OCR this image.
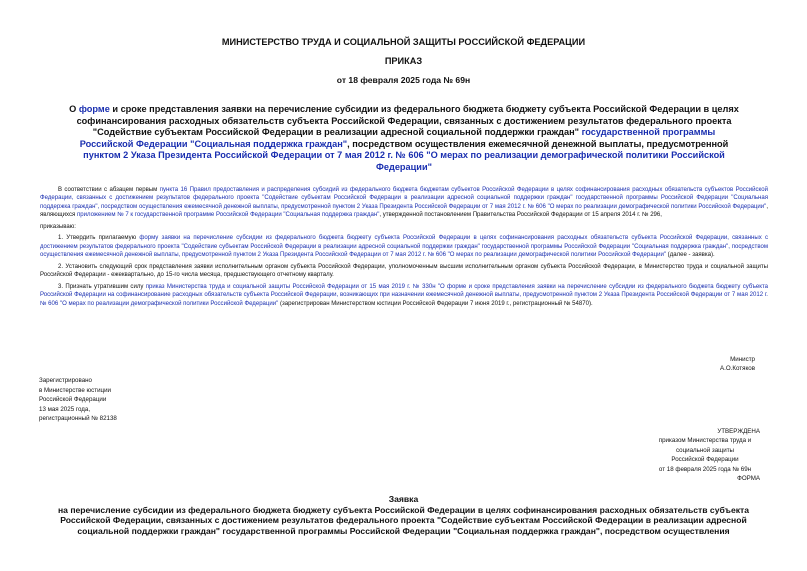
МИНИСТЕРСТВО ТРУДА И СОЦИАЛЬНОЙ ЗАЩИТЫ РОССИЙСКОЙ ФЕДЕРАЦИИ
ПРИКАЗ
от 18 февраля 2025 года № 69н
О форме и сроке представления заявки на перечисление субсидии из федерального бюджета бюджету субъекта Российской Федерации в целях софинансирования расходных обязательств субъекта Российской Федерации, связанных с достижением результатов федерального проекта "Содействие субъектам Российской Федерации в реализации адресной социальной поддержки граждан" государственной программы Российской Федерации "Социальная поддержка граждан", посредством осуществления ежемесячной денежной выплаты, предусмотренной пунктом 2 Указа Президента Российской Федерации от 7 мая 2012 г. № 606 "О мерах по реализации демографической политики Российской Федерации"

В соответствии с абзацем первым пункта 16 Правил предоставления и распределения субсидий из федерального бюджета бюджетам субъектов Российской Федерации в целях софинансирования расходных обязательств субъектов Российской Федерации, связанных с достижением результатов федерального проекта "Содействие субъектам Российской Федерации в реализации адресной социальной поддержки граждан" государственной программы Российской Федерации "Социальная поддержка граждан", посредством осуществления ежемесячной денежной выплаты, предусмотренной пунктом 2 Указа Президента Российской Федерации от 7 мая 2012 г. № 606 "О мерах по реализации демографической политики Российской Федерации", являющихся приложением № 7 к государственной программе Российской Федерации "Социальная поддержка граждан", утвержденной постановлением Правительства Российской Федерации от 15 апреля 2014 г. № 296,

приказываю:

1. Утвердить прилагаемую форму заявки на перечисление субсидии из федерального бюджета бюджету субъекта Российской Федерации в целях софинансирования расходных обязательств субъекта Российской Федерации, связанных с достижением результатов федерального проекта "Содействие субъектам Российской Федерации в реализации адресной социальной поддержки граждан" государственной программы Российской Федерации "Социальная поддержка граждан", посредством осуществления ежемесячной денежной выплаты, предусмотренной пунктом 2 Указа Президента Российской Федерации от 7 мая 2012 г. № 606 "О мерах по реализации демографической политики Российской Федерации" (далее - заявка).

2. Установить следующий срок представления заявки исполнительным органом субъекта Российской Федерации, уполномоченным высшим исполнительным органом субъекта Российской Федерации, в Министерство труда и социальной защиты Российской Федерации - ежеквартально, до 15-го числа месяца, предшествующего отчетному кварталу.

3. Признать утратившим силу приказ Министерства труда и социальной защиты Российской Федерации от 15 мая 2019 г. № 330н "О форме и сроке представления заявки на перечисление субсидии из федерального бюджета бюджету субъекта Российской Федерации на софинансирование расходных обязательств субъекта Российской Федерации, возникающих при назначении ежемесячной денежной выплаты, предусмотренной пунктом 2 Указа Президента Российской Федерации от 7 мая 2012 г. № 606 "О мерах по реализации демографической политики Российской Федерации" (зарегистрирован Министерством юстиции Российской Федерации 7 июня 2019 г., регистрационный № 54870).

Министр
А.О.Котяков
Зарегистрировано
в Министерстве юстиции
Российской Федерации
13 мая 2025 года,
регистрационный № 82138
УТВЕРЖДЕНА
приказом Министерства труда и
социальной защиты
Российской Федерации
от 18 февраля 2025 года № 69н
ФОРМА
Заявка
на перечисление субсидии из федерального бюджета бюджету субъекта Российской Федерации в целях софинансирования расходных обязательств субъекта Российской Федерации, связанных с достижением результатов федерального проекта "Содействие субъектам Российской Федерации в реализации адресной социальной поддержки граждан" государственной программы Российской Федерации "Социальная поддержка граждан", посредством осуществления
